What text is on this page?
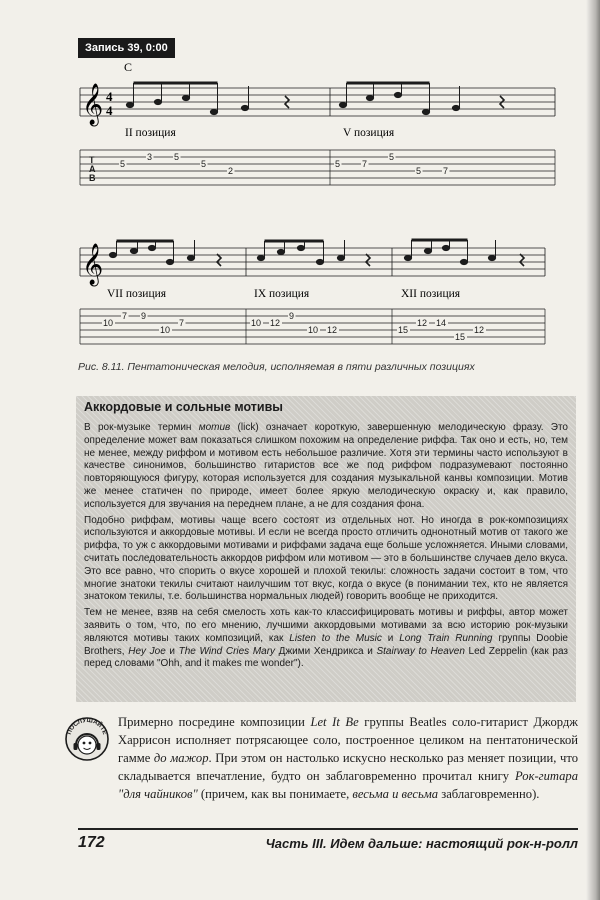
Запись 39, 0:00
C
𝄞 4
4
II позиция	V позиция
T
A
B
5
3 5
5
2
5 7
5
5 7
𝄞
VII позиция	IX позиция	XII позиция
10
7 9
10
7	10 12
9
10 12	15
12 14
15
12
Рис. 8.11. Пентатоническая мелодия, исполняемая в пяти различных позициях
Аккордовые и сольные мотивы

В рок-музыке термин мотив (lick) означает короткую, завершенную мелодическую фразу. Это определение может вам показаться слишком похожим на определение риффа. Так оно и есть, но, тем не менее, между риффом и мотивом есть небольшое различие. Хотя эти термины часто используют в качестве синонимов, большинство гитаристов все же под риффом подразумевают постоянно повторяющуюся фигуру, которая используется для создания музыкальной канвы композиции. Мотив же менее статичен по природе, имеет более яркую мелодическую окраску и, как правило, используется для звучания на переднем плане, а не для создания фона.

Подобно риффам, мотивы чаще всего состоят из отдельных нот. Но иногда в рок-композициях используются и аккордовые мотивы. И если не всегда просто отличить однонотный мотив от такого же риффа, то уж с аккордовыми мотивами и риффами задача еще больше усложняется. Иными словами, считать последовательность аккордов риффом или мотивом — это в большинстве случаев дело вкуса. Это все равно, что спорить о вкусе хорошей и плохой текилы: сложность задачи состоит в том, что многие знатоки текилы считают наилучшим тот вкус, когда о вкусе (в понимании тех, кто не является знатоком текилы, т.е. большинства нормальных людей) говорить вообще не приходится.

Тем не менее, взяв на себя смелость хоть как-то классифицировать мотивы и риффы, автор может заявить о том, что, по его мнению, лучшими аккордовыми мотивами за всю историю рок-музыки являются мотивы таких композиций, как Listen to the Music и Long Train Running группы Doobie Brothers, Hey Joe и The Wind Cries Mary Джими Хендрикса и Stairway to Heaven Led Zeppelin (как раз перед словами "Ohh, and it makes me wonder").

ПОСЛУШАЙТЕ
Примерно посредине композиции Let It Be группы Beatles соло-гитарист Джордж Харрисон исполняет потрясающее соло, построенное целиком на пентатонической гамме до мажор. При этом он настолько искусно несколько раз меняет позиции, что складывается впечатление, будто он заблаговременно прочитал книгу Рок-гитара "для чайников" (причем, как вы понимаете, весьма и весьма заблаговременно).
172	Часть III. Идем дальше: настоящий рок-н-ролл
